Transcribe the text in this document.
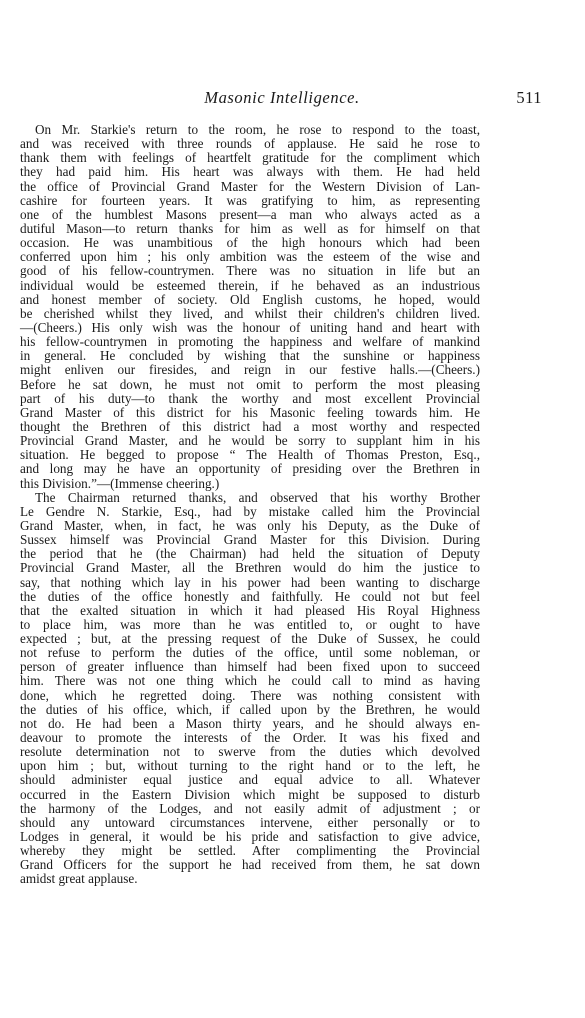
Masonic Intelligence.	511
On Mr. Starkie's return to the room, he rose to respond to the toast,
and was received with three rounds of applause. He said he rose to
thank them with feelings of heartfelt gratitude for the compliment which
they had paid him. His heart was always with them. He had held
the office of Provincial Grand Master for the Western Division of Lan-
cashire for fourteen years. It was gratifying to him, as representing
one of the humblest Masons present—a man who always acted as a
dutiful Mason—to return thanks for him as well as for himself on that
occasion. He was unambitious of the high honours which had been
conferred upon him ; his only ambition was the esteem of the wise and
good of his fellow-countrymen. There was no situation in life but an
individual would be esteemed therein, if he behaved as an industrious
and honest member of society. Old English customs, he hoped, would
be cherished whilst they lived, and whilst their children's children lived.
—(Cheers.) His only wish was the honour of uniting hand and heart with
his fellow-countrymen in promoting the happiness and welfare of mankind
in general. He concluded by wishing that the sunshine or happiness
might enliven our firesides, and reign in our festive halls.—(Cheers.)
Before he sat down, he must not omit to perform the most pleasing
part of his duty—to thank the worthy and most excellent Provincial
Grand Master of this district for his Masonic feeling towards him. He
thought the Brethren of this district had a most worthy and respected
Provincial Grand Master, and he would be sorry to supplant him in his
situation. He begged to propose “ The Health of Thomas Preston, Esq.,
and long may he have an opportunity of presiding over the Brethren in
this Division.”—(Immense cheering.)
The Chairman returned thanks, and observed that his worthy Brother
Le Gendre N. Starkie, Esq., had by mistake called him the Provincial
Grand Master, when, in fact, he was only his Deputy, as the Duke of
Sussex himself was Provincial Grand Master for this Division. During
the period that he (the Chairman) had held the situation of Deputy
Provincial Grand Master, all the Brethren would do him the justice to
say, that nothing which lay in his power had been wanting to discharge
the duties of the office honestly and faithfully. He could not but feel
that the exalted situation in which it had pleased His Royal Highness
to place him, was more than he was entitled to, or ought to have
expected ; but, at the pressing request of the Duke of Sussex, he could
not refuse to perform the duties of the office, until some nobleman, or
person of greater influence than himself had been fixed upon to succeed
him. There was not one thing which he could call to mind as having
done, which he regretted doing. There was nothing consistent with
the duties of his office, which, if called upon by the Brethren, he would
not do. He had been a Mason thirty years, and he should always en-
deavour to promote the interests of the Order. It was his fixed and
resolute determination not to swerve from the duties which devolved
upon him ; but, without turning to the right hand or to the left, he
should administer equal justice and equal advice to all. Whatever
occurred in the Eastern Division which might be supposed to disturb
the harmony of the Lodges, and not easily admit of adjustment ; or
should any untoward circumstances intervene, either personally or to
Lodges in general, it would be his pride and satisfaction to give advice,
whereby they might be settled. After complimenting the Provincial
Grand Officers for the support he had received from them, he sat down
amidst great applause.
